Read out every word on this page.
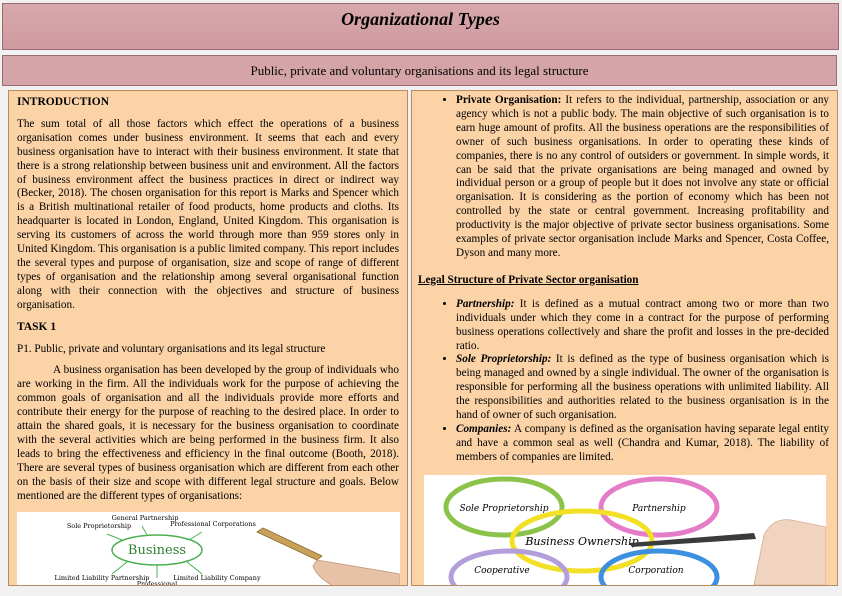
Organizational Types
Public, private and voluntary organisations and its legal structure

INTRODUCTION

The sum total of all those factors which effect the operations of a business organisation comes under business environment. It seems that each and every business organisation have to interact with their business environment. It state that there is a strong relationship between business unit and environment. All the factors of business environment affect the business practices in direct or indirect way (Becker, 2018). The chosen organisation for this report is Marks and Spencer which is a British multinational retailer of food products, home products and cloths. Its headquarter is located in London, England, United Kingdom. This organisation is serving its customers of across the world through more than 959 stores only in United Kingdom. This organisation is a public limited company. This report includes the several types and purpose of organisation, size and scope of range of different types of organisation and the relationship among several organisational function along with their connection with the objectives and structure of business organisation.

TASK 1

P1. Public, private and voluntary organisations and its legal structure

A business organisation has been developed by the group of individuals who are working in the firm. All the individuals work for the purpose of achieving the common goals of organisation and all the individuals provide more efforts and contribute their energy for the purpose of reaching to the desired place. In order to attain the shared goals, it is necessary for the business organisation to coordinate with the several activities which are being performed in the business firm. It also leads to bring the effectiveness and efficiency in the final outcome (Booth, 2018). There are several types of business organisation which are different from each other on the basis of their size and scope with different legal structure and goals. Below mentioned are the different types of organisations:

Business
General Partnership
Sole Proprietorship	Professional Corporations
Limited Liability Partnership
Professional
Limited Liability Company
• Private Organisation: It refers to the individual, partnership, association or any agency which is not a public body. The main objective of such organisation is to earn huge amount of profits. All the business operations are the responsibilities of owner of such business organisations. In order to operating these kinds of companies, there is no any control of outsiders or government. In simple words, it can be said that the private organisations are being managed and owned by individual person or a group of people but it does not involve any state or official organisation. It is considering as the portion of economy which has been not controlled by the state or central government. Increasing profitability and productivity is the major objective of private sector business organisations. Some examples of private sector organisation include Marks and Spencer, Costa Coffee, Dyson and many more.

Legal Structure of Private Sector organisation

• Partnership: It is defined as a mutual contract among two or more than two individuals under which they come in a contract for the purpose of performing business operations collectively and share the profit and losses in the pre-decided ratio.
• Sole Proprietorship: It is defined as the type of business organisation which is being managed and owned by a single individual. The owner of the organisation is responsible for performing all the business operations with unlimited liability. All the responsibilities and authorities related to the business organisation is in the hand of owner of such organisation.
• Companies: A company is defined as the organisation having separate legal entity and have a common seal as well (Chandra and Kumar, 2018). The liability of members of companies are limited.
Sole Proprietorship	Partnership
Business Ownership
Cooperative	Corporation
